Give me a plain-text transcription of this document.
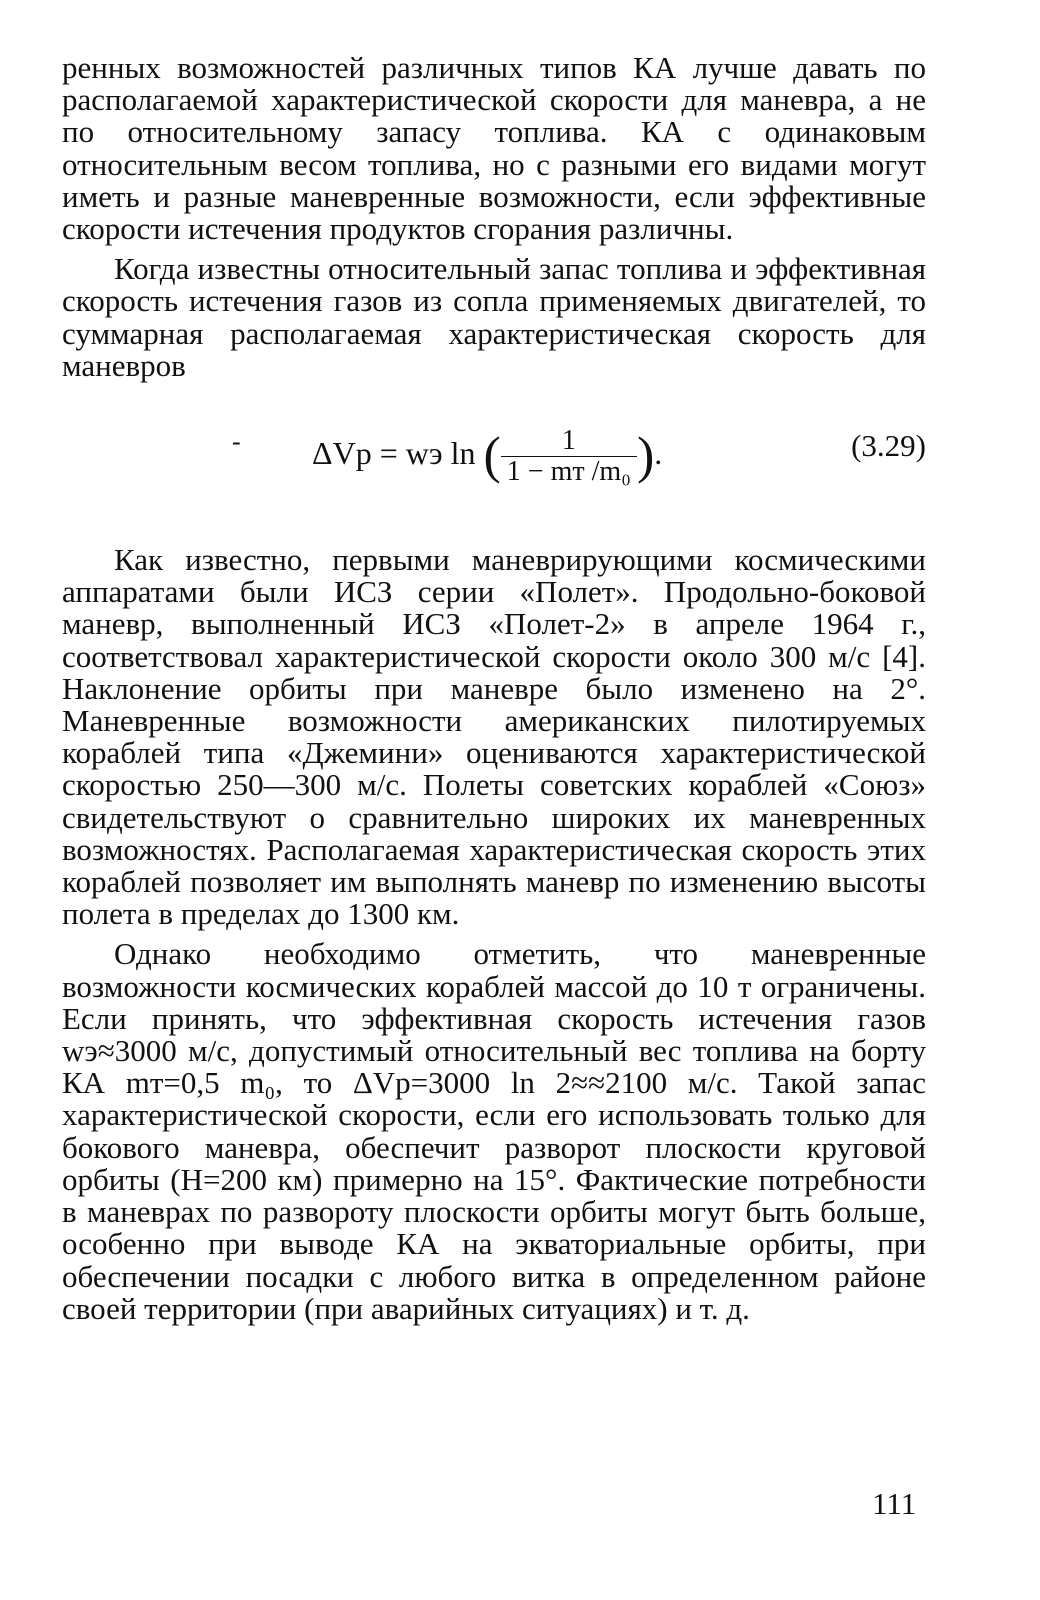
ренных возможностей различных типов КА лучше давать по располагаемой характеристической скорости для маневра, а не по относительному запасу топлива. КА с одинаковым относительным весом топлива, но с разными его видами могут иметь и разные маневренные возможности, если эффективные скорости истечения продуктов сгорания различны.

Когда известны относительный запас топлива и эффективная скорость истечения газов из сопла применяемых двигателей, то суммарная располагаемая характеристическая скорость для маневров

- ΔVр = wэ ln ( $\frac{1}{\text{1 − mт /m₀}}$ ).	(3.29)

Как известно, первыми маневрирующими космическими аппаратами были ИСЗ серии «Полет». Продольно-боковой маневр, выполненный ИСЗ «Полет-2» в апреле 1964 г., соответствовал характеристической скорости около 300 м/с [4]. Наклонение орбиты при маневре было изменено на 2°. Маневренные возможности американских пилотируемых кораблей типа «Джемини» оцениваются характеристической скоростью 250—300 м/с. Полеты советских кораблей «Союз» свидетельствуют о сравнительно широких их маневренных возможностях. Располагаемая характеристическая скорость этих кораблей позволяет им выполнять маневр по изменению высоты полета в пределах до 1300 км.

Однако необходимо отметить, что маневренные возможности космических кораблей массой до 10 т ограничены. Если принять, что эффективная скорость истечения газов wэ≈3000 м/с, допустимый относительный вес топлива на борту КА mт=0,5 m₀, то ΔVр=3000 ln 2≈≈2100 м/с. Такой запас характеристической скорости, если его использовать только для бокового маневра, обеспечит разворот плоскости круговой орбиты (H=200 км) примерно на 15°. Фактические потребности в маневрах по развороту плоскости орбиты могут быть больше, особенно при выводе КА на экваториальные орбиты, при обеспечении посадки с любого витка в определенном районе своей территории (при аварийных ситуациях) и т. д.

111
